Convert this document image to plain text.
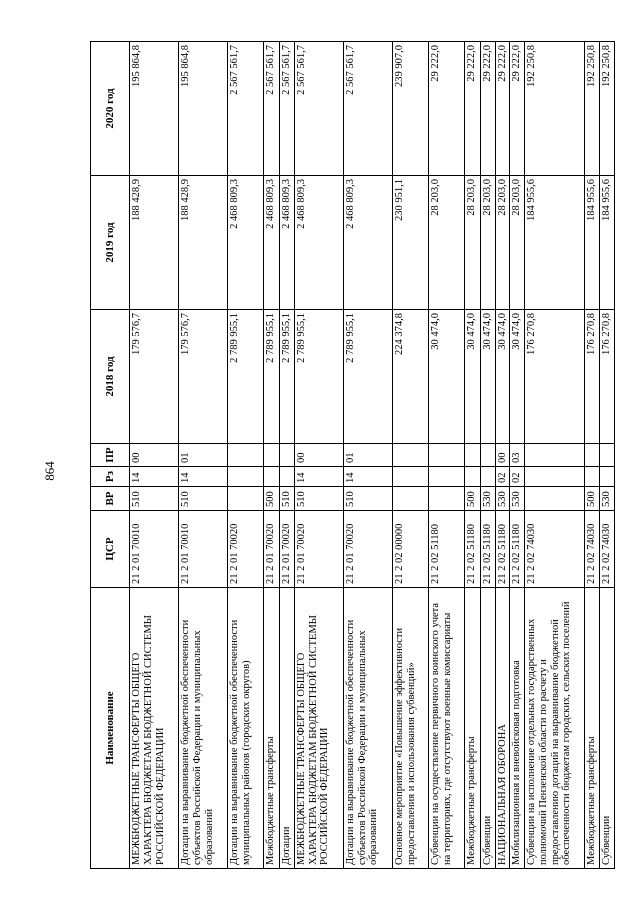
864
Наименование	ЦСР	ВР	Рз	ПР	2018 год	2019 год	2020 год
МЕЖБЮДЖЕТНЫЕ ТРАНСФЕРТЫ ОБЩЕГО ХАРАКТЕРА БЮДЖЕТАМ БЮДЖЕТНОЙ СИСТЕМЫ РОССИЙСКОЙ ФЕДЕРАЦИИ	21 2 01 70010	510	14	00	179 576,7	188 428,9	195 864,8
Дотации на выравнивание бюджетной обеспеченности субъектов Российской Федерации и муниципальных образований	21 2 01 70010	510	14	01	179 576,7	188 428,9	195 864,8
Дотации на выравнивание бюджетной обеспеченности муниципальных районов (городских округов)	21 2 01 70020				2 789 955,1	2 468 809,3	2 567 561,7
Межбюджетные трансферты	21 2 01 70020	500			2 789 955,1	2 468 809,3	2 567 561,7
Дотации	21 2 01 70020	510			2 789 955,1	2 468 809,3	2 567 561,7
МЕЖБЮДЖЕТНЫЕ ТРАНСФЕРТЫ ОБЩЕГО ХАРАКТЕРА БЮДЖЕТАМ БЮДЖЕТНОЙ СИСТЕМЫ РОССИЙСКОЙ ФЕДЕРАЦИИ	21 2 01 70020	510	14	00	2 789 955,1	2 468 809,3	2 567 561,7
Дотации на выравнивание бюджетной обеспеченности субъектов Российской Федерации и муниципальных образований	21 2 01 70020	510	14	01	2 789 955,1	2 468 809,3	2 567 561,7
Основное мероприятие «Повышение эффективности предоставления и использования субвенций»	21 2 02 00000				224 374,8	230 951,1	239 907,0
Субвенции на осуществление первичного воинского учета на территориях, где отсутствуют военные комиссариаты	21 2 02 51180				30 474,0	28 203,0	29 222,0
Межбюджетные трансферты	21 2 02 51180	500			30 474,0	28 203,0	29 222,0
Субвенции	21 2 02 51180	530			30 474,0	28 203,0	29 222,0
НАЦИОНАЛЬНАЯ ОБОРОНА	21 2 02 51180	530	02	00	30 474,0	28 203,0	29 222,0
Мобилизационная и вневойсковая подготовка	21 2 02 51180	530	02	03	30 474,0	28 203,0	29 222,0
Субвенции на исполнение отдельных государственных полномочий Пензенской области по расчету и предоставлению дотаций на выравнивание бюджетной обеспеченности бюджетам городских, сельских поселений	21 2 02 74030				176 270,8	184 955,6	192 250,8
Межбюджетные трансферты	21 2 02 74030	500			176 270,8	184 955,6	192 250,8
Субвенции	21 2 02 74030	530			176 270,8	184 955,6	192 250,8
